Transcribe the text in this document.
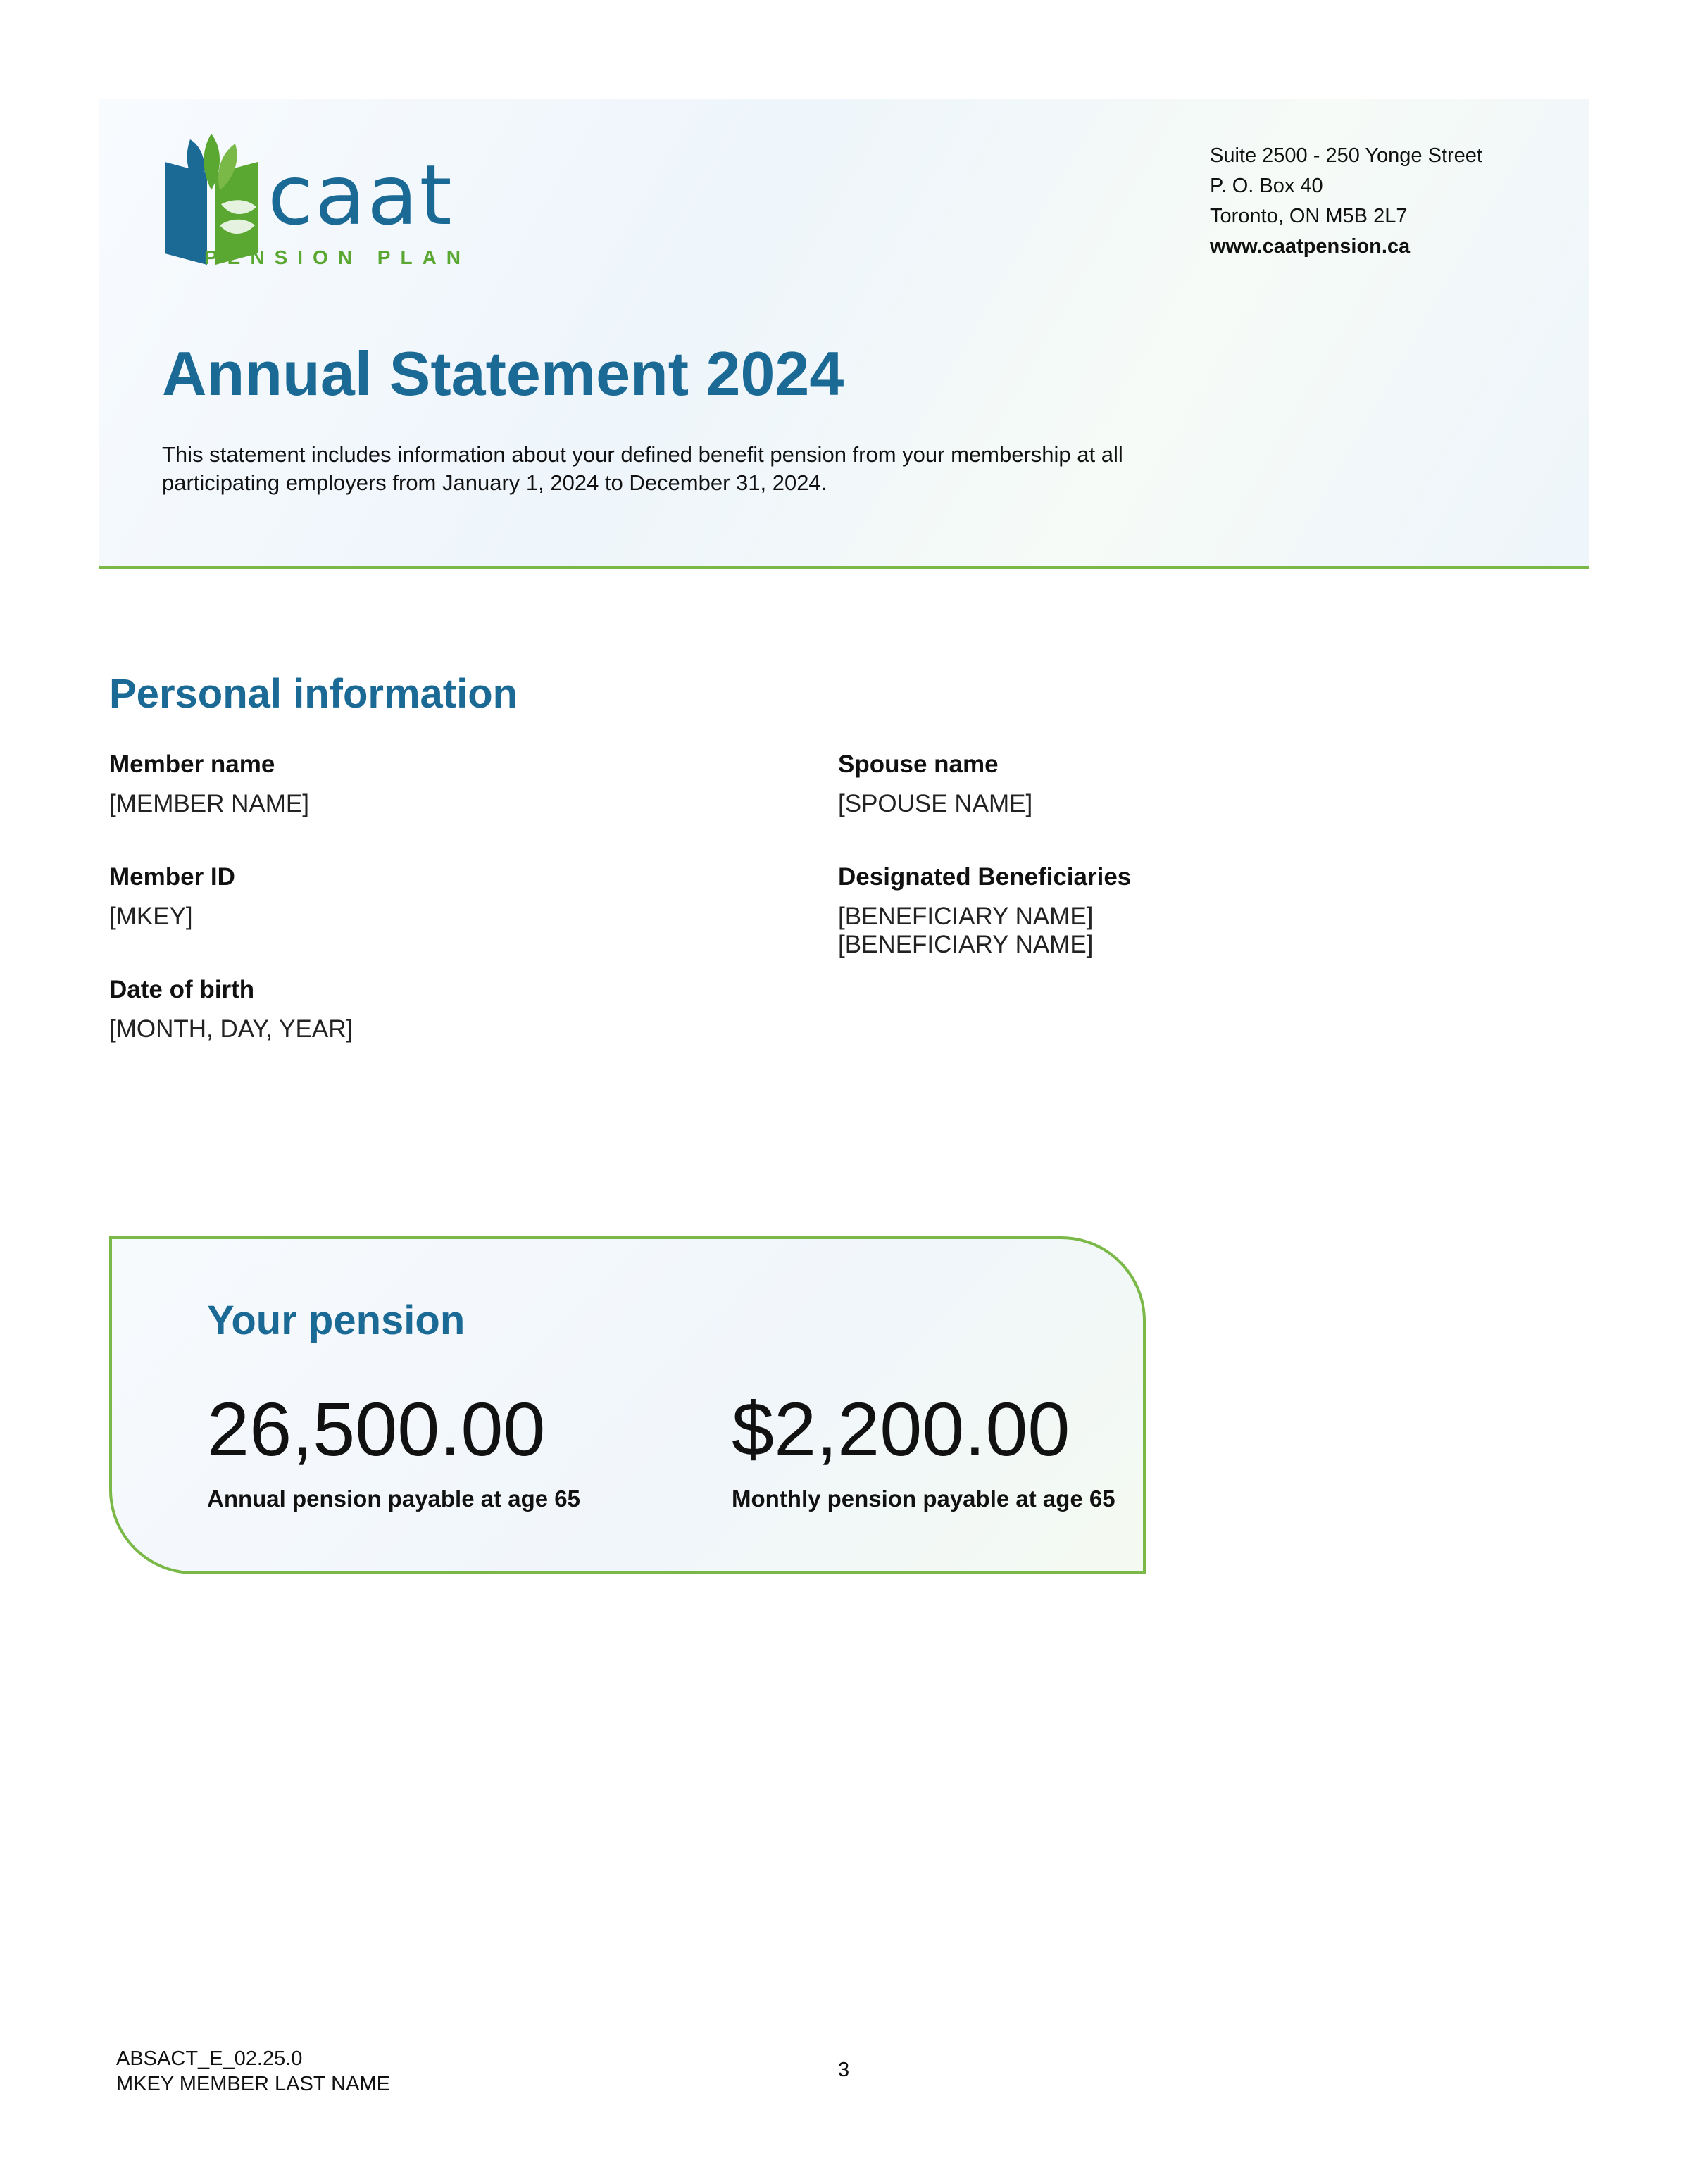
caat
PENSION PLAN
Suite 2500 - 250 Yonge Street
P. O. Box 40
Toronto, ON M5B 2L7
www.caatpension.ca
Annual Statement 2024
This statement includes information about your defined benefit pension from your membership at all participating employers from January 1, 2024 to December 31, 2024.
Personal information
Member name
[MEMBER NAME]
Member ID
[MKEY]
Date of birth
[MONTH, DAY, YEAR]
Spouse name
[SPOUSE NAME]
Designated Beneficiaries
[BENEFICIARY NAME]
[BENEFICIARY NAME]
Your pension
26,500.00
Annual pension payable at age 65
$2,200.00
Monthly pension payable at age 65
ABSACT_E_02.25.0
MKEY MEMBER LAST NAME
3
